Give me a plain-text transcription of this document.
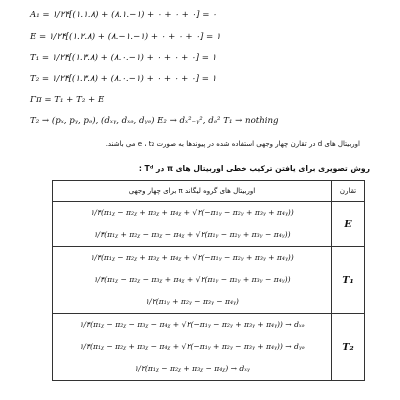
A₁ = ۱/۲۴[(۱.۱.۸) + (۸.۱.−۱) + ۰ + ۰ + ۰] = ۰
E = ۱/۲۴[(۱.۲.۸) + (۸.−۱.−۱) + ۰ + ۰ + ۰] = ۱
T₁ = ۱/۲۴[(۱.۳.۸) + (۸.۰.−۱) + ۰ + ۰ + ۰] = ۱
T₂ = ۱/۲۴[(۱.۳.۸) + (۸.۰.−۱) + ۰ + ۰ + ۰] = ۱
Γπ = T₁ + T₂ + E
T₂ → (pₓ, pᵧ, pₔ), (dₓᵧ, dₓₔ, dᵧₔ) E₂ → dₓ²₋ᵧ², dₔ² T₁ → nothing
اوربیتال های d در تقارن چهار وجهی استفاده شده در پیوندها به صورت e ، t₂ می باشند.
روش تصویری برای یافتن ترکیب خطی اوربیتال های π در Tᵈ :
اوربیتال های گروه لیگاند π برای چهار وجهی	تقارن

۱/۴(π₁ᵪ − π₂ᵪ + π₃ᵪ + π₄ᵪ + √۲(−π₁ᵧ − π₂ᵧ + π₃ᵧ + π₄ᵧ))
۱/۴(π₁ᵪ + π₂ᵪ − π₃ᵪ − π₄ᵪ + √۲(π₁ᵧ − π₂ᵧ + π₃ᵧ − π₄ᵧ))	E

۱/۴(π₁ᵪ − π₂ᵪ + π₃ᵪ + π₄ᵪ + √۲(−π₁ᵧ − π₂ᵧ + π₃ᵧ + π₄ᵧ))
۱/۴(π₁ᵪ − π₂ᵪ − π₃ᵪ + π₄ᵪ + √۲(π₁ᵧ − π₂ᵧ + π₃ᵧ − π₄ᵧ))
۱/۲(π₁ᵧ + π₂ᵧ − π₃ᵧ − π₄ᵧ)	T₁

۱/۴(π₁ᵪ − π₂ᵪ − π₃ᵪ − π₄ᵪ + √۲(−π₁ᵧ − π₂ᵧ + π₃ᵧ + π₄ᵧ)) → dₓₔ
۱/۴(π₁ᵪ − π₂ᵪ + π₃ᵪ − π₄ᵪ + √۲(−π₁ᵧ + π₂ᵧ − π₃ᵧ + π₄ᵧ)) → dᵧₔ
۱/۲(π₁ᵪ − π₂ᵪ + π₃ᵪ − π₄ᵪ) → dₓᵧ	T₂
